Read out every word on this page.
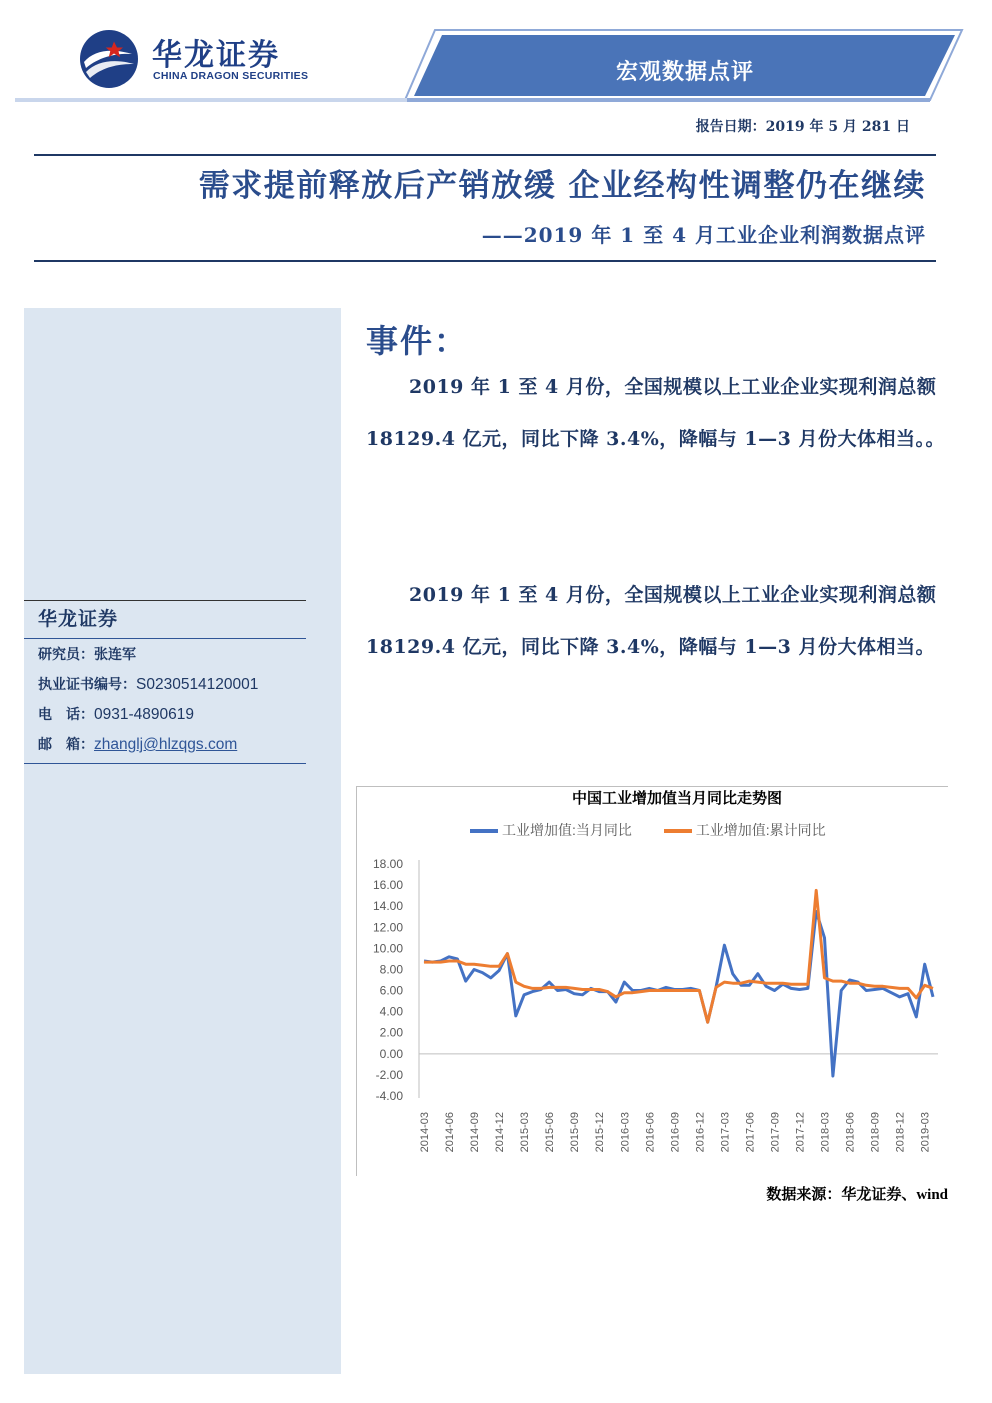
华龙证券
CHINA DRAGON SECURITIES	宏观数据点评
报告日期：2019 年 5 月 281 日
需求提前释放后产销放缓 企业经构性调整仍在继续
——2019 年 1 至 4 月工业企业利润数据点评
华龙证券
研究员：张连军
执业证书编号：S0230514120001
电　话：0931-4890619
邮　箱：zhanglj@hlzqgs.com
事件：
2019 年 1 至 4 月份，全国规模以上工业企业实现利润总额 18129.4 亿元，同比下降 3.4%，降幅与 1—3 月份大体相当。。
2019 年 1 至 4 月份，全国规模以上工业企业实现利润总额 18129.4 亿元，同比下降 3.4%，降幅与 1—3 月份大体相当。
中国工业增加值当月同比走势图
工业增加值:当月同比	工业增加值:累计同比
18.00
16.00
14.00
12.00
10.00
8.00
6.00
4.00
2.00
0.00
-2.00
-4.00
2014-03 2014-06 2014-09 2014-12 2015-03 2015-06 2015-09 2015-12 2016-03 2016-06 2016-09 2016-12 2017-03 2017-06 2017-09 2017-12 2018-03 2018-06 2018-09 2018-12 2019-03
数据来源：华龙证券、wind
